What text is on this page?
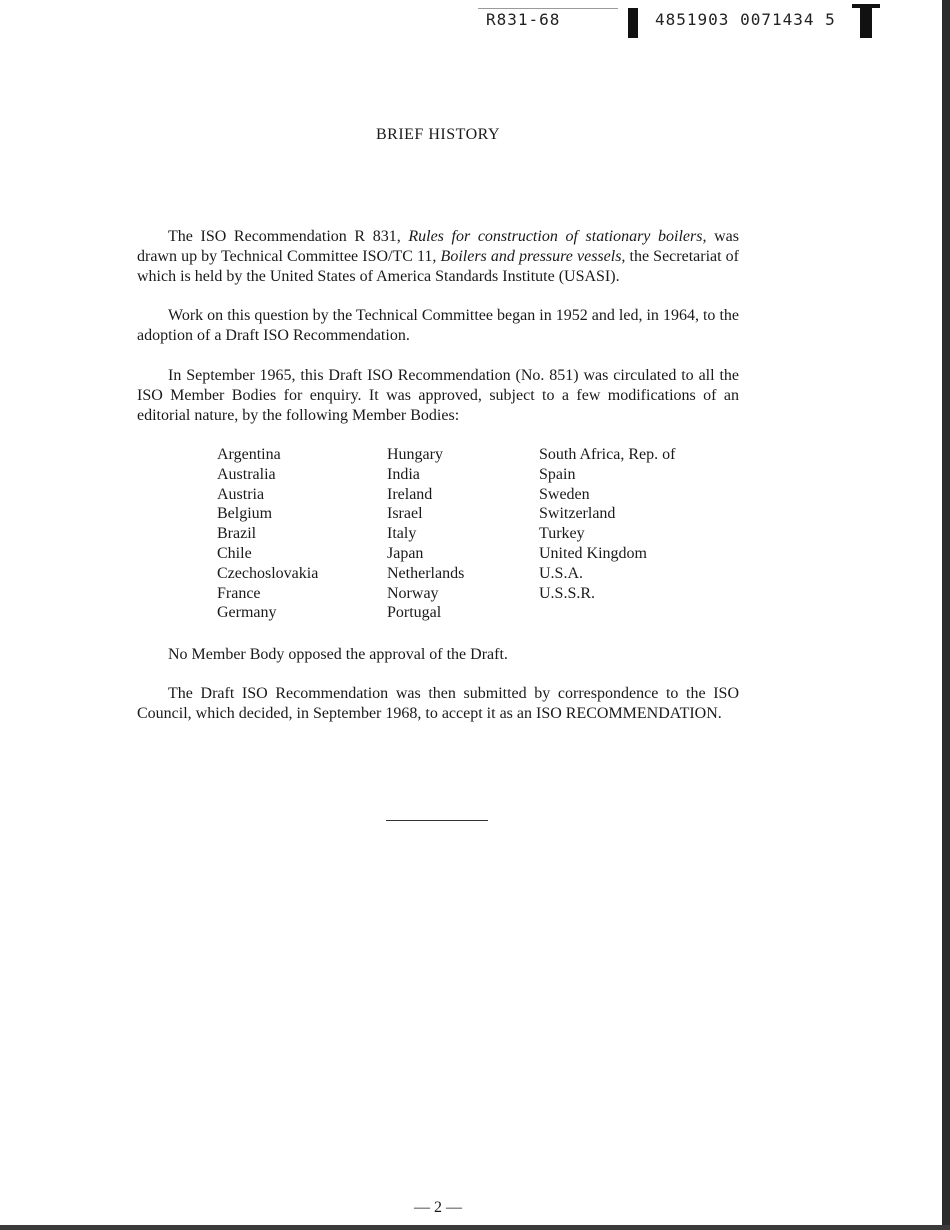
R831-68	4851903 0071434 5
BRIEF HISTORY

The ISO Recommendation R 831, Rules for construction of stationary boilers, was drawn up by Technical Committee ISO/TC 11, Boilers and pressure vessels, the Secretariat of which is held by the United States of America Standards Institute (USASI).

Work on this question by the Technical Committee began in 1952 and led, in 1964, to the adoption of a Draft ISO Recommendation.

In September 1965, this Draft ISO Recommendation (No. 851) was circulated to all the ISO Member Bodies for enquiry. It was approved, subject to a few modifications of an editorial nature, by the following Member Bodies:

Argentina
Australia
Austria
Belgium
Brazil
Chile
Czechoslovakia
France
Germany
Hungary
India
Ireland
Israel
Italy
Japan
Netherlands
Norway
Portugal
South Africa, Rep. of
Spain
Sweden
Switzerland
Turkey
United Kingdom
U.S.A.
U.S.S.R.

No Member Body opposed the approval of the Draft.

The Draft ISO Recommendation was then submitted by correspondence to the ISO Council, which decided, in September 1968, to accept it as an ISO RECOMMENDATION.

— 2 —
